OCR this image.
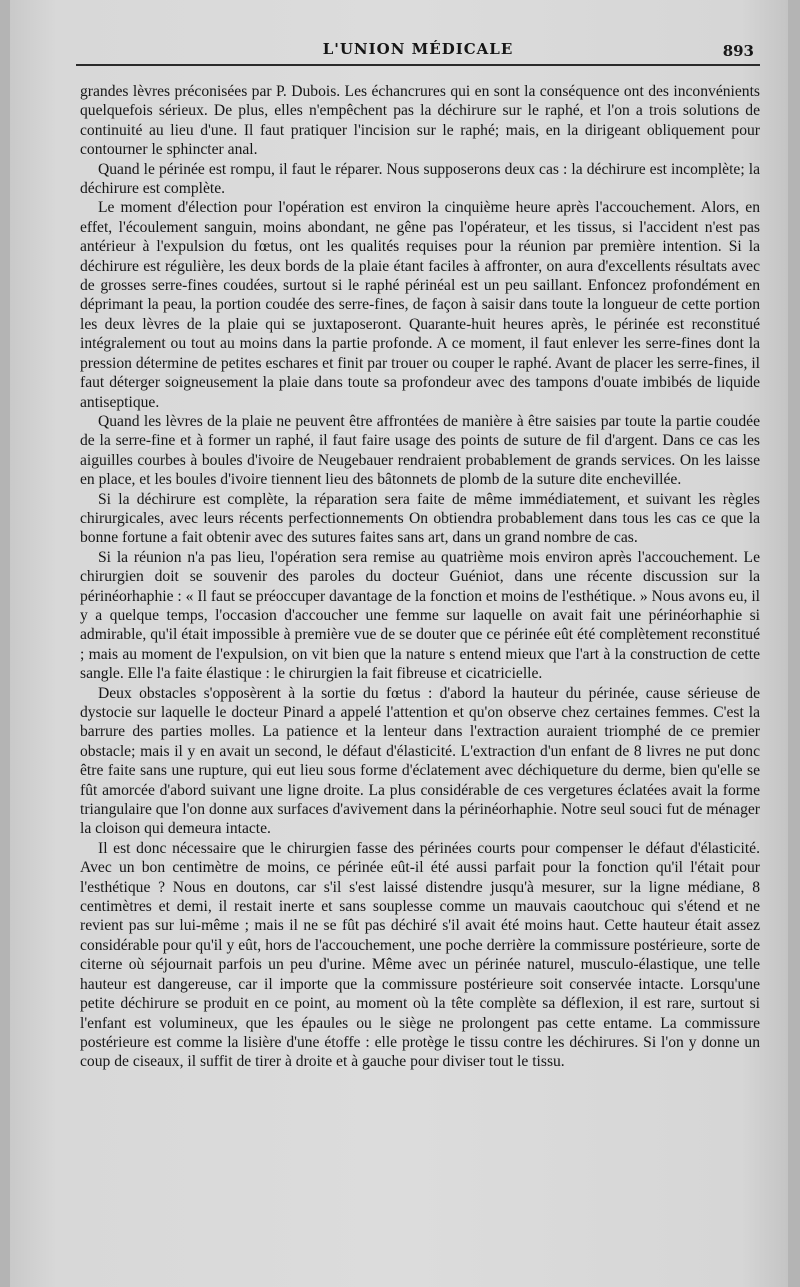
L'UNION MÉDICALE	893

grandes lèvres préconisées par P. Dubois. Les échancrures qui en sont la conséquence ont des inconvénients quelquefois sérieux. De plus, elles n'empêchent pas la déchirure sur le raphé, et l'on a trois solutions de continuité au lieu d'une. Il faut pratiquer l'incision sur le raphé; mais, en la dirigeant obliquement pour contourner le sphincter anal.

Quand le périnée est rompu, il faut le réparer. Nous supposerons deux cas : la déchirure est incomplète; la déchirure est complète.

Le moment d'élection pour l'opération est environ la cinquième heure après l'accouchement. Alors, en effet, l'écoulement sanguin, moins abondant, ne gêne pas l'opérateur, et les tissus, si l'accident n'est pas antérieur à l'expulsion du fœtus, ont les qualités requises pour la réunion par première intention. Si la déchirure est régulière, les deux bords de la plaie étant faciles à affronter, on aura d'excellents résultats avec de grosses serre-fines coudées, surtout si le raphé périnéal est un peu saillant. Enfoncez profondément en déprimant la peau, la portion coudée des serre-fines, de façon à saisir dans toute la longueur de cette portion les deux lèvres de la plaie qui se juxtaposeront. Quarante-huit heures après, le périnée est reconstitué intégralement ou tout au moins dans la partie profonde. A ce moment, il faut enlever les serre-fines dont la pression détermine de petites eschares et finit par trouer ou couper le raphé. Avant de placer les serre-fines, il faut déterger soigneusement la plaie dans toute sa profondeur avec des tampons d'ouate imbibés de liquide antiseptique.

Quand les lèvres de la plaie ne peuvent être affrontées de manière à être saisies par toute la partie coudée de la serre-fine et à former un raphé, il faut faire usage des points de suture de fil d'argent. Dans ce cas les aiguilles courbes à boules d'ivoire de Neugebauer rendraient probablement de grands services. On les laisse en place, et les boules d'ivoire tiennent lieu des bâtonnets de plomb de la suture dite enchevillée.

Si la déchirure est complète, la réparation sera faite de même immédiatement, et suivant les règles chirurgicales, avec leurs récents perfectionnements On obtiendra probablement dans tous les cas ce que la bonne fortune a fait obtenir avec des sutures faites sans art, dans un grand nombre de cas.

Si la réunion n'a pas lieu, l'opération sera remise au quatrième mois environ après l'accouchement. Le chirurgien doit se souvenir des paroles du docteur Guéniot, dans une récente discussion sur la périnéorhaphie : « Il faut se préoccuper davantage de la fonction et moins de l'esthétique. » Nous avons eu, il y a quelque temps, l'occasion d'accoucher une femme sur laquelle on avait fait une périnéorhaphie si admirable, qu'il était impossible à première vue de se douter que ce périnée eût été complètement reconstitué ; mais au moment de l'expulsion, on vit bien que la nature s entend mieux que l'art à la construction de cette sangle. Elle l'a faite élastique : le chirurgien la fait fibreuse et cicatricielle.

Deux obstacles s'opposèrent à la sortie du fœtus : d'abord la hauteur du périnée, cause sérieuse de dystocie sur laquelle le docteur Pinard a appelé l'attention et qu'on observe chez certaines femmes. C'est la barrure des parties molles. La patience et la lenteur dans l'extraction auraient triomphé de ce premier obstacle; mais il y en avait un second, le défaut d'élasticité. L'extraction d'un enfant de 8 livres ne put donc être faite sans une rupture, qui eut lieu sous forme d'éclatement avec déchiqueture du derme, bien qu'elle se fût amorcée d'abord suivant une ligne droite. La plus considérable de ces vergetures éclatées avait la forme triangulaire que l'on donne aux surfaces d'avivement dans la périnéorhaphie. Notre seul souci fut de ménager la cloison qui demeura intacte.

Il est donc nécessaire que le chirurgien fasse des périnées courts pour compenser le défaut d'élasticité. Avec un bon centimètre de moins, ce périnée eût-il été aussi parfait pour la fonction qu'il l'était pour l'esthétique ? Nous en doutons, car s'il s'est laissé distendre jusqu'à mesurer, sur la ligne médiane, 8 centimètres et demi, il restait inerte et sans souplesse comme un mauvais caoutchouc qui s'étend et ne revient pas sur lui-même ; mais il ne se fût pas déchiré s'il avait été moins haut. Cette hauteur était assez considérable pour qu'il y eût, hors de l'accouchement, une poche derrière la commissure postérieure, sorte de citerne où séjournait parfois un peu d'urine. Même avec un périnée naturel, musculo-élastique, une telle hauteur est dangereuse, car il importe que la commissure postérieure soit conservée intacte. Lorsqu'une petite déchirure se produit en ce point, au moment où la tête complète sa déflexion, il est rare, surtout si l'enfant est volumineux, que les épaules ou le siège ne prolongent pas cette entame. La commissure postérieure est comme la lisière d'une étoffe : elle protège le tissu contre les déchirures. Si l'on y donne un coup de ciseaux, il suffit de tirer à droite et à gauche pour diviser tout le tissu.
